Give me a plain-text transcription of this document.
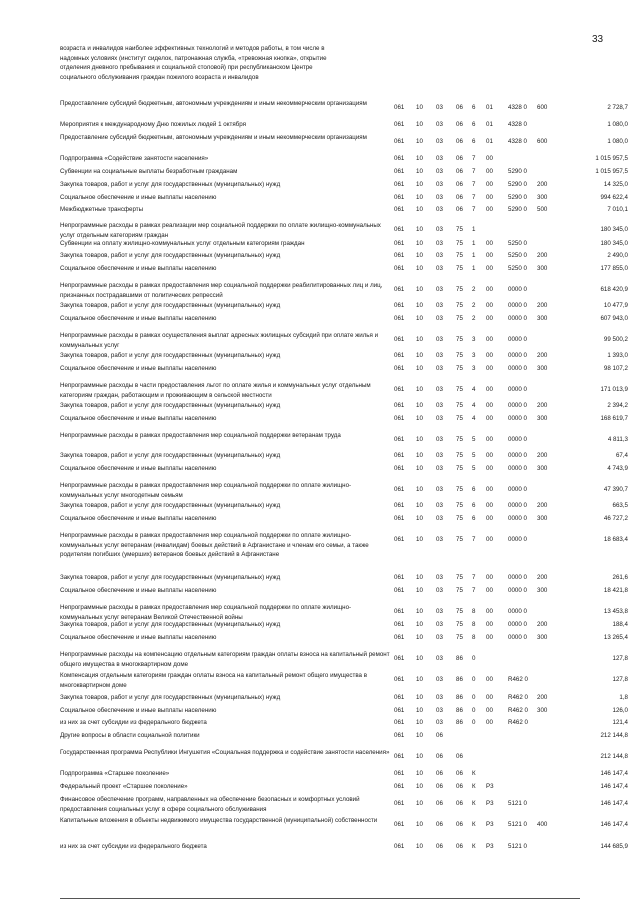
33
возраста и инвалидов наиболее эффективных технологий и методов работы, в том числе в
надомных условиях (институт сиделок, патронажная служба, «тревожная кнопка», открытие
отделения дневного пребывания и социальной столовой) при республиканском Центре
социального обслуживания граждан пожилого возраста и инвалидов
Предоставление субсидий бюджетным, автономным учреждениям и иным некоммерческим организациям
061 10 03 06 6 01 4328 0 600	2 728,7
Мероприятия к международному Дню пожилых людей 1 октября	061 10 03 06 6 01 4328 0	1 080,0
Предоставление субсидий бюджетным, автономным учреждениям и иным некоммерческим организациям
061 10 03 06 6 01 4328 0 600	1 080,0
Подпрограмма «Содействие занятости населения»	061 10 03 06 7 00	1 015 957,5
Субвенции на социальные выплаты безработным гражданам	061 10 03 06 7 00 5290 0	1 015 957,5
Закупка товаров, работ и услуг для государственных (муниципальных) нужд	061 10 03 06 7 00 5290 0 200	14 325,0
Социальное обеспечение и иные выплаты населению	061 10 03 06 7 00 5290 0 300	994 622,4
Межбюджетные трансферты	061 10 03 06 7 00 5290 0 500	7 010,1
Непрограммные расходы в рамках реализации мер социальной поддержки по оплате жилищно-коммунальных услуг отдельным категориям граждан
061 10 03 75 1	180 345,0
Субвенции на оплату жилищно-коммунальных услуг отдельным категориям граждан	061 10 03 75 1 00 5250 0	180 345,0
Закупка товаров, работ и услуг для государственных (муниципальных) нужд	061 10 03 75 1 00 5250 0 200	2 490,0
Социальное обеспечение и иные выплаты населению	061 10 03 75 1 00 5250 0 300	177 855,0
Непрограммные расходы в рамках предоставления мер социальной поддержки реабилитированных лиц и лиц, признанных пострадавшими от политических репрессий
061 10 03 75 2 00 0000 0	618 420,9
Закупка товаров, работ и услуг для государственных (муниципальных) нужд	061 10 03 75 2 00 0000 0 200	10 477,9
Социальное обеспечение и иные выплаты населению	061 10 03 75 2 00 0000 0 300	607 943,0
Непрограммные расходы в рамках осуществления выплат адресных жилищных субсидий при оплате жилья и коммунальных услуг
061 10 03 75 3 00 0000 0	99 500,2
Закупка товаров, работ и услуг для государственных (муниципальных) нужд	061 10 03 75 3 00 0000 0 200	1 393,0
Социальное обеспечение и иные выплаты населению	061 10 03 75 3 00 0000 0 300	98 107,2
Непрограммные расходы в части предоставления льгот по оплате жилья и коммунальных услуг отдельным категориям граждан, работающим и проживающим в сельской местности
061 10 03 75 4 00 0000 0	171 013,9
Закупка товаров, работ и услуг для государственных (муниципальных) нужд	061 10 03 75 4 00 0000 0 200	2 394,2
Социальное обеспечение и иные выплаты населению	061 10 03 75 4 00 0000 0 300	168 619,7
Непрограммные расходы в рамках предоставления мер социальной поддержки ветеранам труда
061 10 03 75 5 00 0000 0	4 811,3
Закупка товаров, работ и услуг для государственных (муниципальных) нужд	061 10 03 75 5 00 0000 0 200	67,4
Социальное обеспечение и иные выплаты населению	061 10 03 75 5 00 0000 0 300	4 743,9
Непрограммные расходы в рамках предоставления мер социальной поддержки по оплате жилищно-коммунальных услуг многодетным семьям
061 10 03 75 6 00 0000 0	47 390,7
Закупка товаров, работ и услуг для государственных (муниципальных) нужд	061 10 03 75 6 00 0000 0 200	663,5
Социальное обеспечение и иные выплаты населению	061 10 03 75 6 00 0000 0 300	46 727,2
Непрограммные расходы в рамках предоставления мер социальной поддержки по оплате жилищно-коммунальных услуг ветеранам (инвалидам) боевых действий в Афганистане и членам его семьи, а также родителям погибших (умерших) ветеранов боевых действий в Афганистане
061 10 03 75 7 00 0000 0	18 683,4
Закупка товаров, работ и услуг для государственных (муниципальных) нужд	061 10 03 75 7 00 0000 0 200	261,6
Социальное обеспечение и иные выплаты населению	061 10 03 75 7 00 0000 0 300	18 421,8
Непрограммные расходы в рамках предоставления мер социальной поддержки по оплате жилищно-коммунальных услуг ветеранам Великой Отечественной войны
061 10 03 75 8 00 0000 0	13 453,8
Закупка товаров, работ и услуг для государственных (муниципальных) нужд	061 10 03 75 8 00 0000 0 200	188,4
Социальное обеспечение и иные выплаты населению	061 10 03 75 8 00 0000 0 300	13 265,4
Непрограммные расходы на компенсацию отдельным категориям граждан оплаты взноса на капитальный ремонт общего имущества в многоквартирном доме
061 10 03 86 0	127,8
Компенсация отдельным категориям граждан оплаты взноса на капитальный ремонт общего имущества в многоквартирном доме
061 10 03 86 0 00 R462 0	127,8
Закупка товаров, работ и услуг для государственных (муниципальных) нужд	061 10 03 86 0 00 R462 0 200	1,8
Социальное обеспечение и иные выплаты населению	061 10 03 86 0 00 R462 0 300	126,0
из них за счет субсидии из федерального бюджета	061 10 03 86 0 00 R462 0	121,4
Другие вопросы в области социальной политики	061 10 06	212 144,8
Государственная программа Республики Ингушетия «Социальная поддержка и содействие занятости населения»
061 10 06 06	212 144,8
Подпрограмма «Старшее поколение»	061 10 06 06 К	146 147,4
Федеральный проект «Старшее поколение»	061 10 06 06 К Р3	146 147,4
Финансовое обеспечение программ, направленных на обеспечение безопасных и комфортных условий предоставления социальных услуг в сфере социального обслуживания
061 10 06 06 К Р3 5121 0	146 147,4
Капитальные вложения в объекты недвижимого имущества государственной (муниципальной) собственности
061 10 06 06 К Р3 5121 0 400	146 147,4
из них за счет субсидии из федерального бюджета	061 10 06 06 К Р3 5121 0	144 685,9
